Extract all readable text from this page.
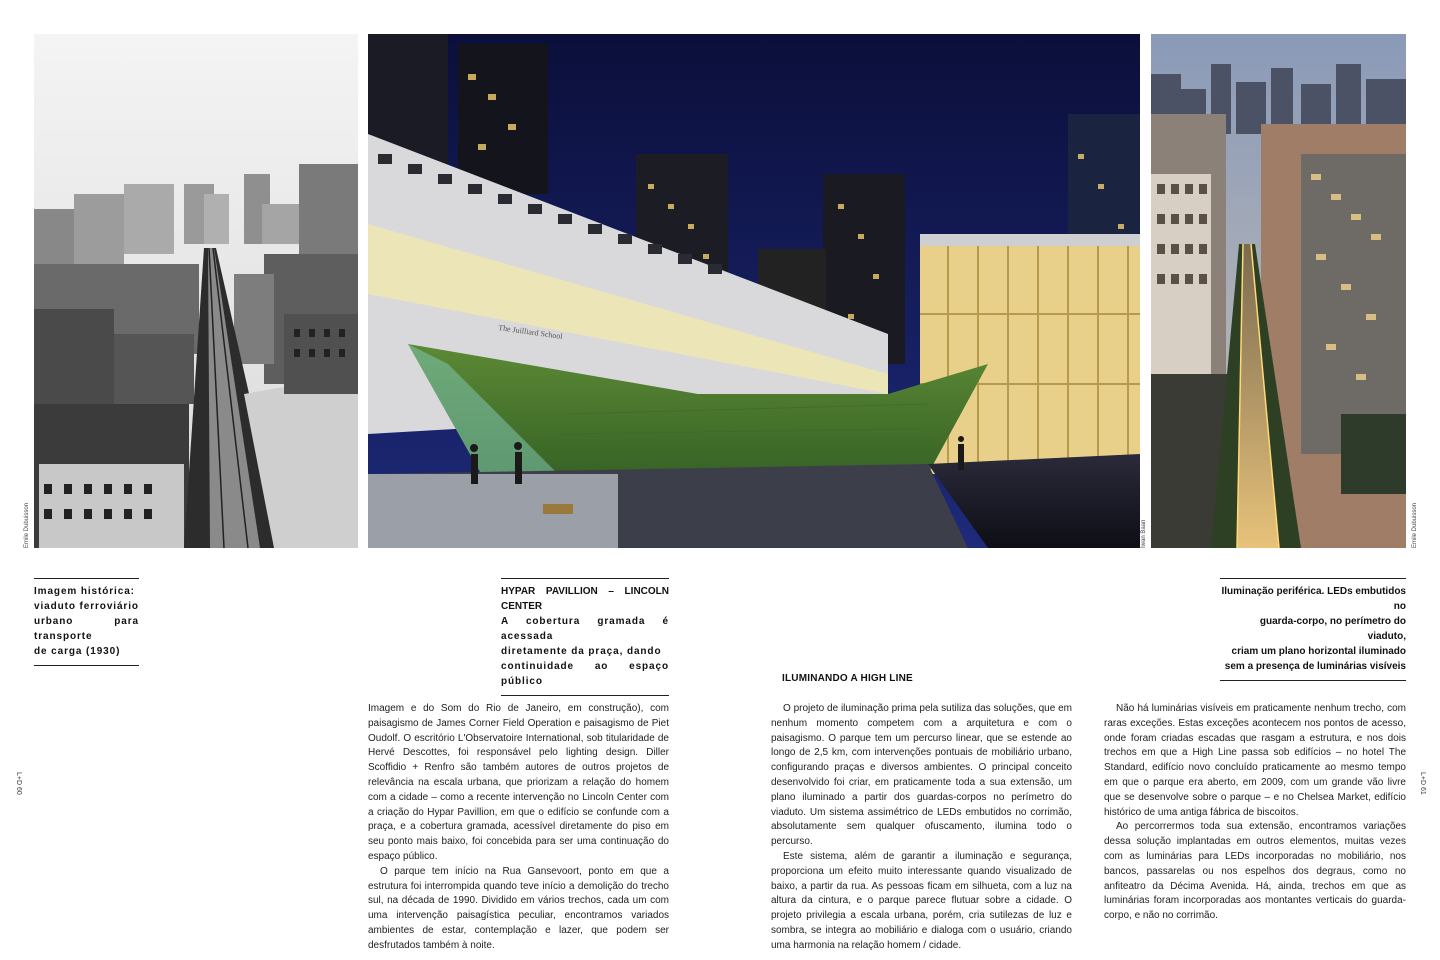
Emile Dubuisson
The Juilliard School
Iwan Baan	Emile Dubuisson

Imagem histórica:

viaduto ferroviário

urbano para transporte

de carga (1930)

HYPAR PAVILLION – LINCOLN CENTER

A cobertura gramada é acessada

diretamente da praça, dando

continuidade ao espaço público

Iluminação periférica. LEDs embutidos no

guarda-corpo, no perímetro do viaduto,

criam um plano horizontal iluminado

sem a presença de luminárias visíveis

ILUMINANDO A HIGH LINE

Imagem e do Som do Rio de Janeiro, em construção), com paisagismo de James Corner Field Operation e paisagismo de Piet Oudolf. O escritório L'Observatoire International, sob titularidade de Hervé Descottes, foi responsável pelo lighting design. Diller Scoffidio + Renfro são também autores de outros projetos de relevância na escala urbana, que priorizam a relação do homem com a cidade – como a recente intervenção no Lincoln Center com a criação do Hypar Pavillion, em que o edifício se confunde com a praça, e a cobertura gramada, acessível diretamente do piso em seu ponto mais baixo, foi concebida para ser uma continuação do espaço público.

O parque tem início na Rua Gansevoort, ponto em que a estrutura foi interrompida quando teve início a demolição do trecho sul, na década de 1990. Dividido em vários trechos, cada um com uma intervenção paisagística peculiar, encontramos variados ambientes de estar, contemplação e lazer, que podem ser desfrutados também à noite.

O projeto de iluminação prima pela sutiliza das soluções, que em nenhum momento competem com a arquitetura e com o paisagismo. O parque tem um percurso linear, que se estende ao longo de 2,5 km, com intervenções pontuais de mobiliário urbano, configurando praças e diversos ambientes. O principal conceito desenvolvido foi criar, em praticamente toda a sua extensão, um plano iluminado a partir dos guardas-corpos no perímetro do viaduto. Um sistema assimétrico de LEDs embutidos no corrimão, absolutamente sem qualquer ofuscamento, ilumina todo o percurso.

Este sistema, além de garantir a iluminação e segurança, proporciona um efeito muito interessante quando visualizado de baixo, a partir da rua. As pessoas ficam em silhueta, com a luz na altura da cintura, e o parque parece flutuar sobre a cidade. O projeto privilegia a escala urbana, porém, cria sutilezas de luz e sombra, se integra ao mobiliário e dialoga com o usuário, criando uma harmonia na relação homem / cidade.

Não há luminárias visíveis em praticamente nenhum trecho, com raras exceções. Estas exceções acontecem nos pontos de acesso, onde foram criadas escadas que rasgam a estrutura, e nos dois trechos em que a High Line passa sob edifícios – no hotel The Standard, edifício novo concluído praticamente ao mesmo tempo em que o parque era aberto, em 2009, com um grande vão livre que se desenvolve sobre o parque – e no Chelsea Market, edifício histórico de uma antiga fábrica de biscoitos.

Ao percorrermos toda sua extensão, encontramos variações dessa solução implantadas em outros elementos, muitas vezes com as luminárias para LEDs incorporadas no mobiliário, nos bancos, passarelas ou nos espelhos dos degraus, como no anfiteatro da Décima Avenida. Há, ainda, trechos em que as luminárias foram incorporadas aos montantes verticais do guarda-corpo, e não no corrimão.

L+D 60	L+D 61
